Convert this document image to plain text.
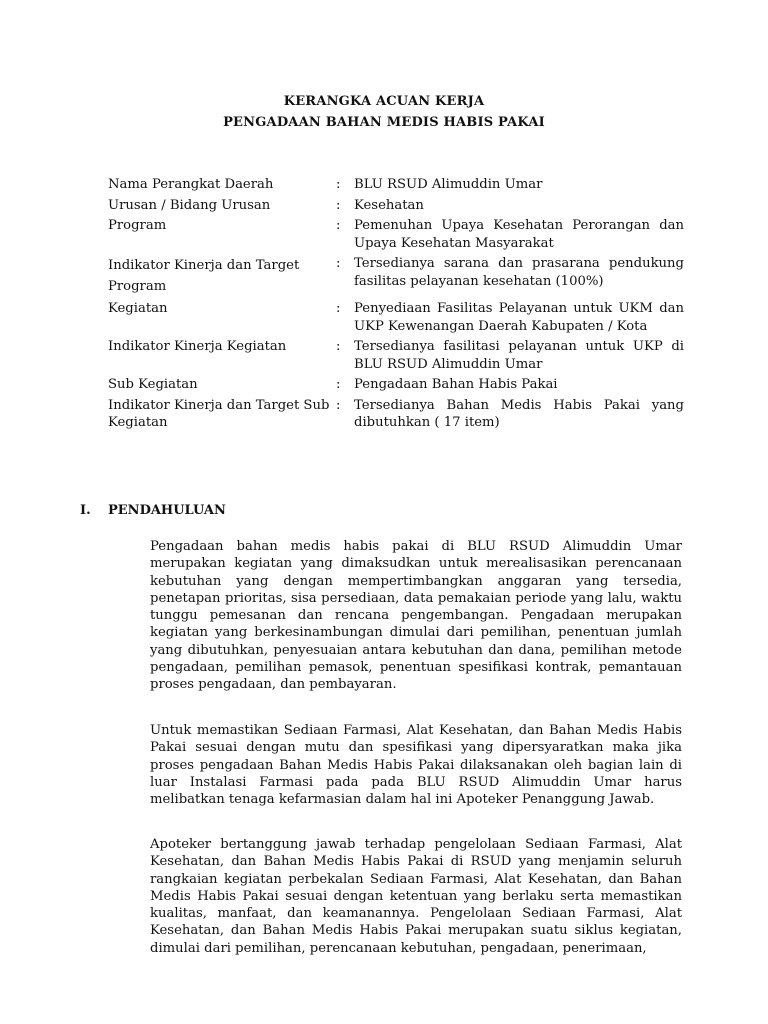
KERANGKA ACUAN KERJA
PENGADAAN BAHAN MEDIS HABIS PAKAI
Nama Perangkat Daerah	:	BLU RSUD Alimuddin Umar
Urusan / Bidang Urusan	:	Kesehatan
Program	:	Pemenuhan Upaya Kesehatan Perorangan dan Upaya Kesehatan Masyarakat
Indikator Kinerja dan Target Program
:	Tersedianya sarana dan prasarana pendukung fasilitas pelayanan kesehatan (100%)
Kegiatan	:	Penyediaan Fasilitas Pelayanan untuk UKM dan UKP Kewenangan Daerah Kabupaten / Kota
Indikator Kinerja Kegiatan	:	Tersedianya fasilitasi pelayanan untuk UKP di BLU RSUD Alimuddin Umar
Sub Kegiatan	:	Pengadaan Bahan Habis Pakai
Indikator Kinerja dan Target Sub Kegiatan
:	Tersedianya Bahan Medis Habis Pakai yang dibutuhkan ( 17 item)
I. PENDAHULUAN
Pengadaan bahan medis habis pakai di BLU RSUD Alimuddin Umar merupakan kegiatan yang dimaksudkan untuk merealisasikan perencanaan kebutuhan yang dengan mempertimbangkan anggaran yang tersedia, penetapan prioritas, sisa persediaan, data pemakaian periode yang lalu, waktu tunggu pemesanan dan rencana pengembangan. Pengadaan merupakan kegiatan yang berkesinambungan dimulai dari pemilihan, penentuan jumlah yang dibutuhkan, penyesuaian antara kebutuhan dan dana, pemilihan metode pengadaan, pemilihan pemasok, penentuan spesifikasi kontrak, pemantauan proses pengadaan, dan pembayaran.
Untuk memastikan Sediaan Farmasi, Alat Kesehatan, dan Bahan Medis Habis Pakai sesuai dengan mutu dan spesifikasi yang dipersyaratkan maka jika proses pengadaan Bahan Medis Habis Pakai dilaksanakan oleh bagian lain di luar Instalasi Farmasi pada pada BLU RSUD Alimuddin Umar harus melibatkan tenaga kefarmasian dalam hal ini Apoteker Penanggung Jawab.
Apoteker bertanggung jawab terhadap pengelolaan Sediaan Farmasi, Alat Kesehatan, dan Bahan Medis Habis Pakai di RSUD yang menjamin seluruh rangkaian kegiatan perbekalan Sediaan Farmasi, Alat Kesehatan, dan Bahan Medis Habis Pakai sesuai dengan ketentuan yang berlaku serta memastikan kualitas, manfaat, dan keamanannya. Pengelolaan Sediaan Farmasi, Alat Kesehatan, dan Bahan Medis Habis Pakai merupakan suatu siklus kegiatan, dimulai dari pemilihan, perencanaan kebutuhan, pengadaan, penerimaan,
